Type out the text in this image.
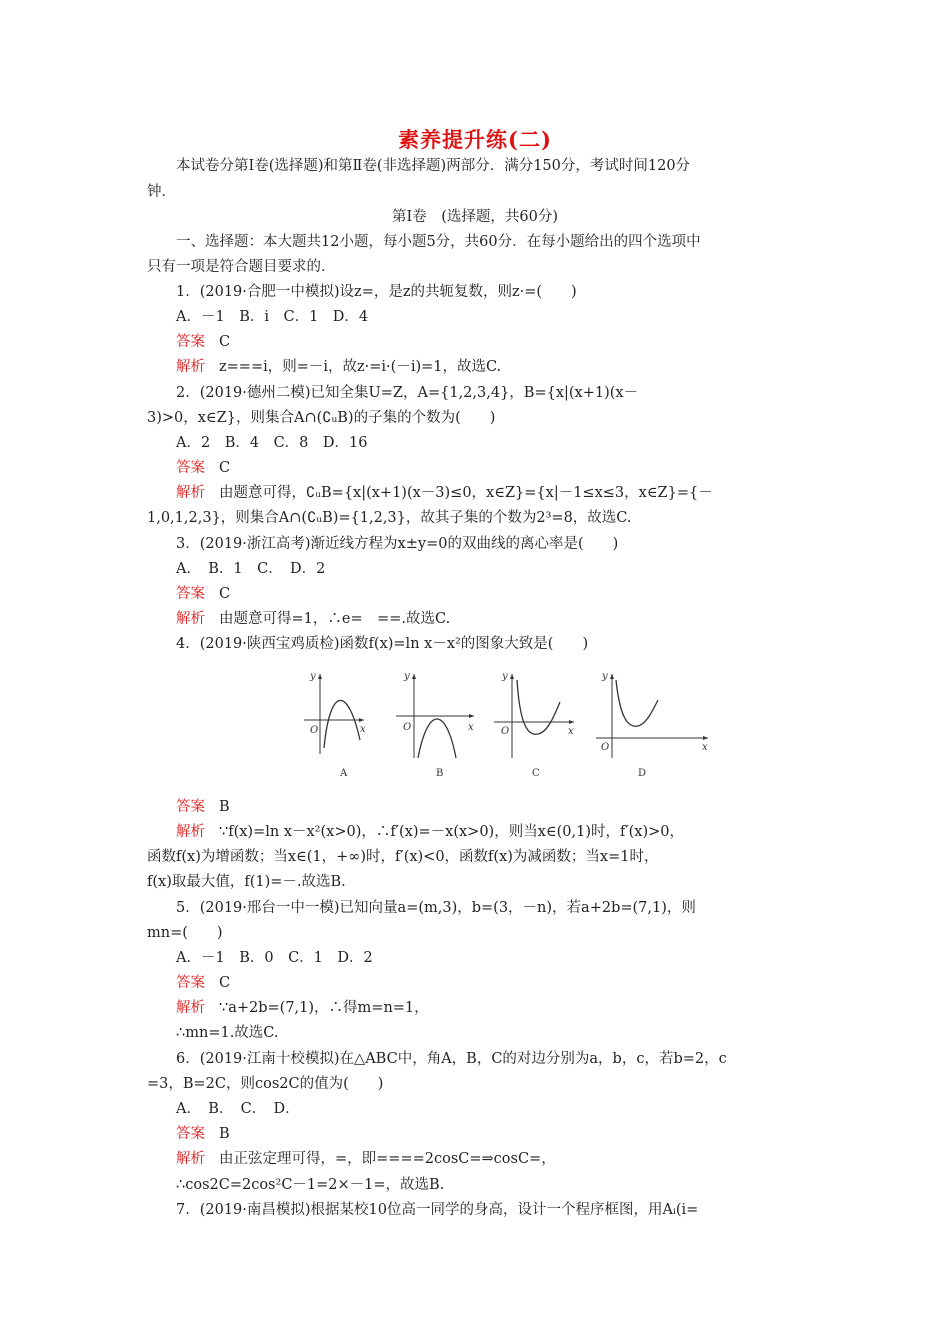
素养提升练(二)
本试卷分第Ⅰ卷(选择题)和第Ⅱ卷(非选择题)两部分．满分150分，考试时间120分
钟．
第Ⅰ卷　(选择题，共60分)
一、选择题：本大题共12小题，每小题5分，共60分．在每小题给出的四个选项中
只有一项是符合题目要求的．
1．(2019·合肥一中模拟)设z=，是z的共轭复数，则z·=(　　)
A．－1　B．i　C．1　D．4
答案 C
解析 z===i，则=－i，故z·=i·(－i)=1，故选C.
2．(2019·德州二模)已知全集U=Z，A={1,2,3,4}，B={x|(x+1)(x－
3)>0，x∈Z}，则集合A∩(∁ᵤB)的子集的个数为(　　)
A．2　B．4　C．8　D．16
答案 C
解析 由题意可得，∁ᵤB={x|(x+1)(x－3)≤0，x∈Z}={x|－1≤x≤3，x∈Z}={－
1,0,1,2,3}，则集合A∩(∁ᵤB)={1,2,3}，故其子集的个数为2³=8，故选C.
3．(2019·浙江高考)渐近线方程为x±y=0的双曲线的离心率是(　　)
A．　B．1　C．　D．2
答案 C
解析 由题意可得=1，∴e=　==.故选C.
4．(2019·陕西宝鸡质检)函数f(x)=ln x－x²的图象大致是(　　)
y
O	x
A
y
O	x
B
y
O	x
C
y
O	x
D
答案 B
解析 ∵f(x)=ln x－x²(x>0)，∴f′(x)=－x(x>0)，则当x∈(0,1)时，f′(x)>0，
函数f(x)为增函数；当x∈(1，+∞)时，f′(x)<0，函数f(x)为减函数；当x=1时，
f(x)取最大值，f(1)=－.故选B.
5．(2019·邢台一中一模)已知向量a=(m,3)，b=(3，－n)，若a+2b=(7,1)，则
mn=(　　)
A．－1　B．0　C．1　D．2
答案 C
解析 ∵a+2b=(7,1)，∴得m=n=1，
∴mn=1.故选C.
6．(2019·江南十校模拟)在△ABC中，角A，B，C的对边分别为a，b，c，若b=2，c
=3，B=2C，则cos2C的值为(　　)
A．　B．　C．　D．
答案 B
解析 由正弦定理可得，=，即====2cosC=⇒cosC=，
∴cos2C=2cos²C－1=2×－1=，故选B.
7．(2019·南昌模拟)根据某校10位高一同学的身高，设计一个程序框图，用Aᵢ(i=
